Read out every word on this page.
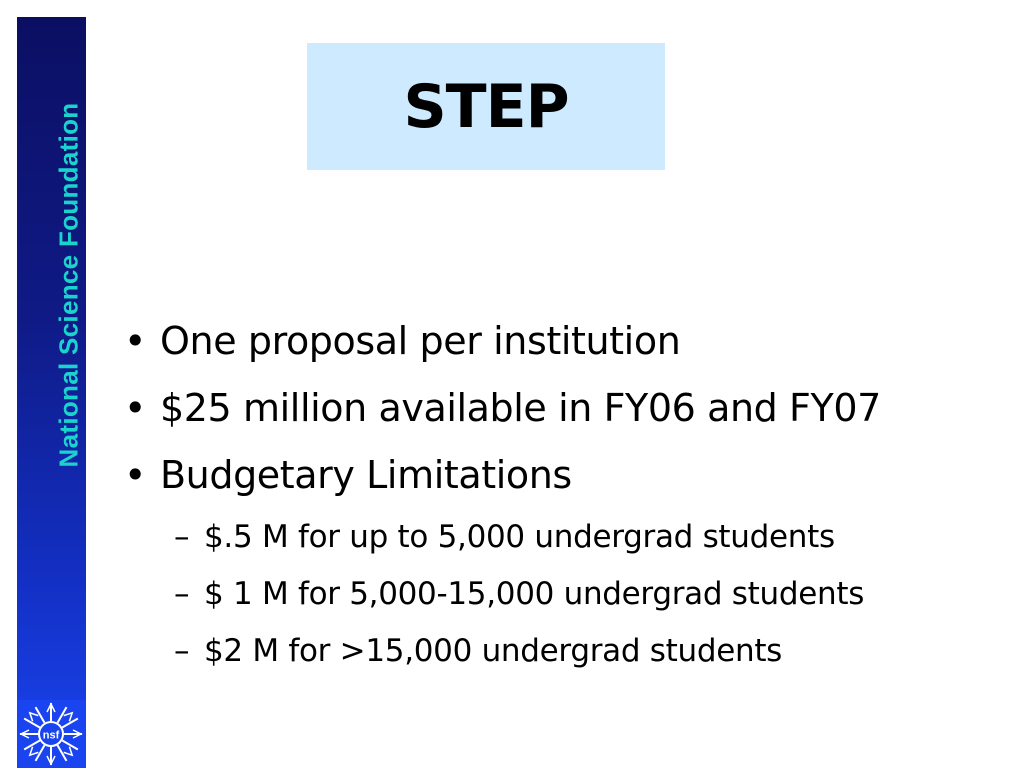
National Science Foundation
nsf
STEP
• One proposal per institution
• $25 million available in FY06 and FY07
• Budgetary Limitations
– $.5 M for up to 5,000 undergrad students
– $ 1 M for 5,000-15,000 undergrad students
– $2 M for >15,000 undergrad students
